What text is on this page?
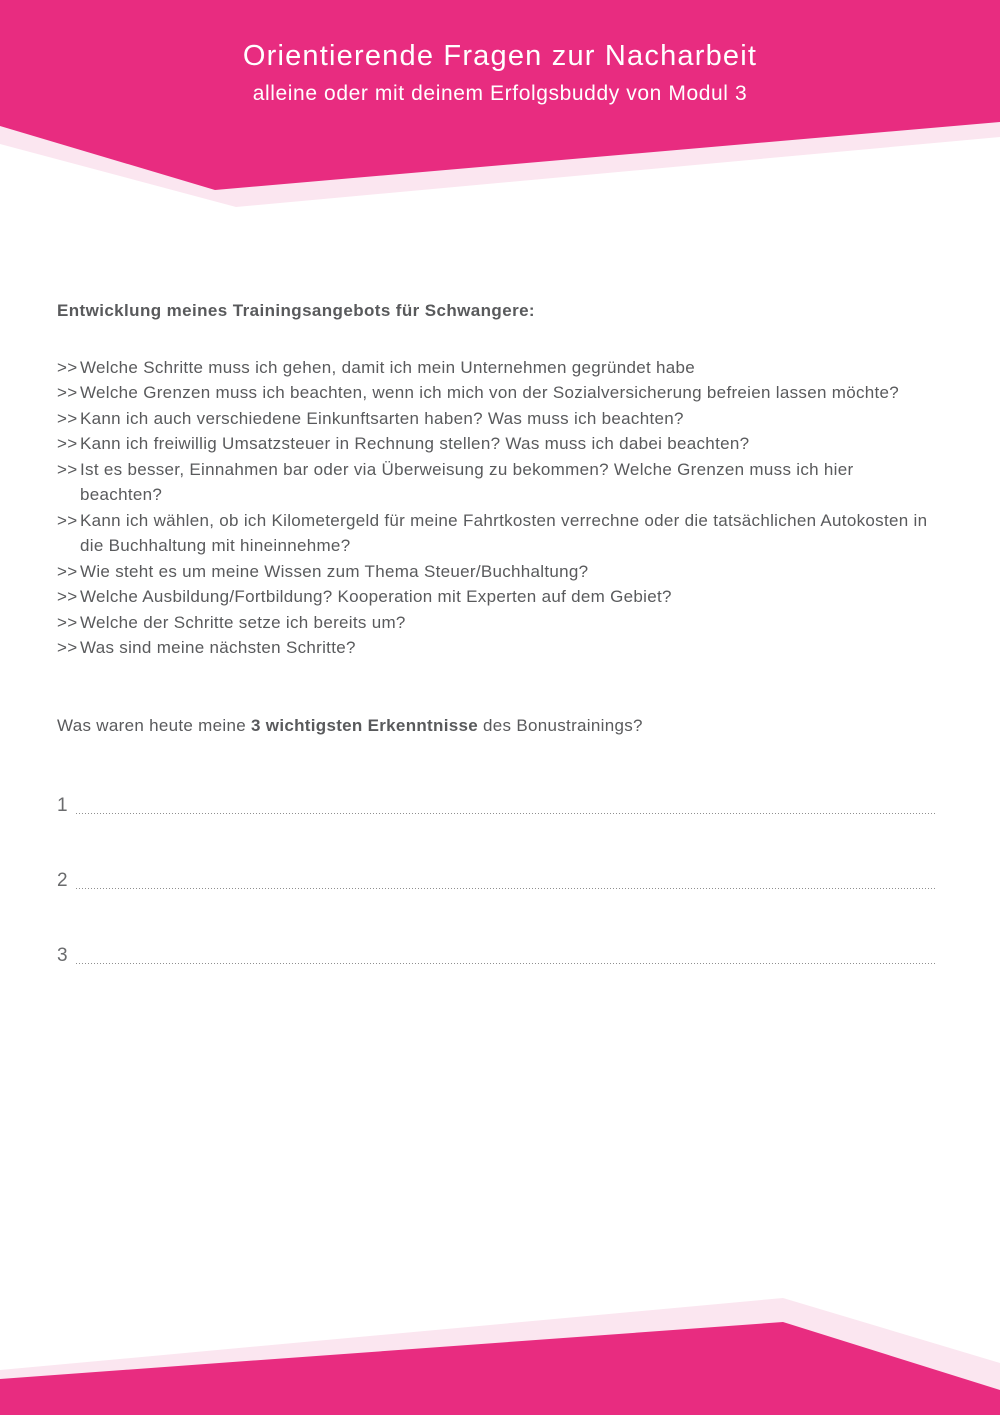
Orientierende Fragen zur Nacharbeit
alleine oder mit deinem Erfolgsbuddy von Modul 3

Entwicklung meines Trainingsangebots für Schwangere:

>> Welche Schritte muss ich gehen, damit ich mein Unternehmen gegründet habe
>> Welche Grenzen muss ich beachten, wenn ich mich von der Sozialversicherung befreien lassen möchte?
>> Kann ich auch verschiedene Einkunftsarten haben? Was muss ich beachten?
>> Kann ich freiwillig Umsatzsteuer in Rechnung stellen? Was muss ich dabei beachten?
>> Ist es besser, Einnahmen bar oder via Überweisung zu bekommen? Welche Grenzen muss ich hier beachten?
>> Kann ich wählen, ob ich Kilometergeld für meine Fahrtkosten verrechne oder die tatsächlichen Autokosten in die Buchhaltung mit hineinnehme?
>> Wie steht es um meine Wissen zum Thema Steuer/Buchhaltung?
>> Welche Ausbildung/Fortbildung? Kooperation mit Experten auf dem Gebiet?
>> Welche der Schritte setze ich bereits um?
>> Was sind meine nächsten Schritte?

Was waren heute meine 3 wichtigsten Erkenntnisse des Bonustrainings?

1
2
3
